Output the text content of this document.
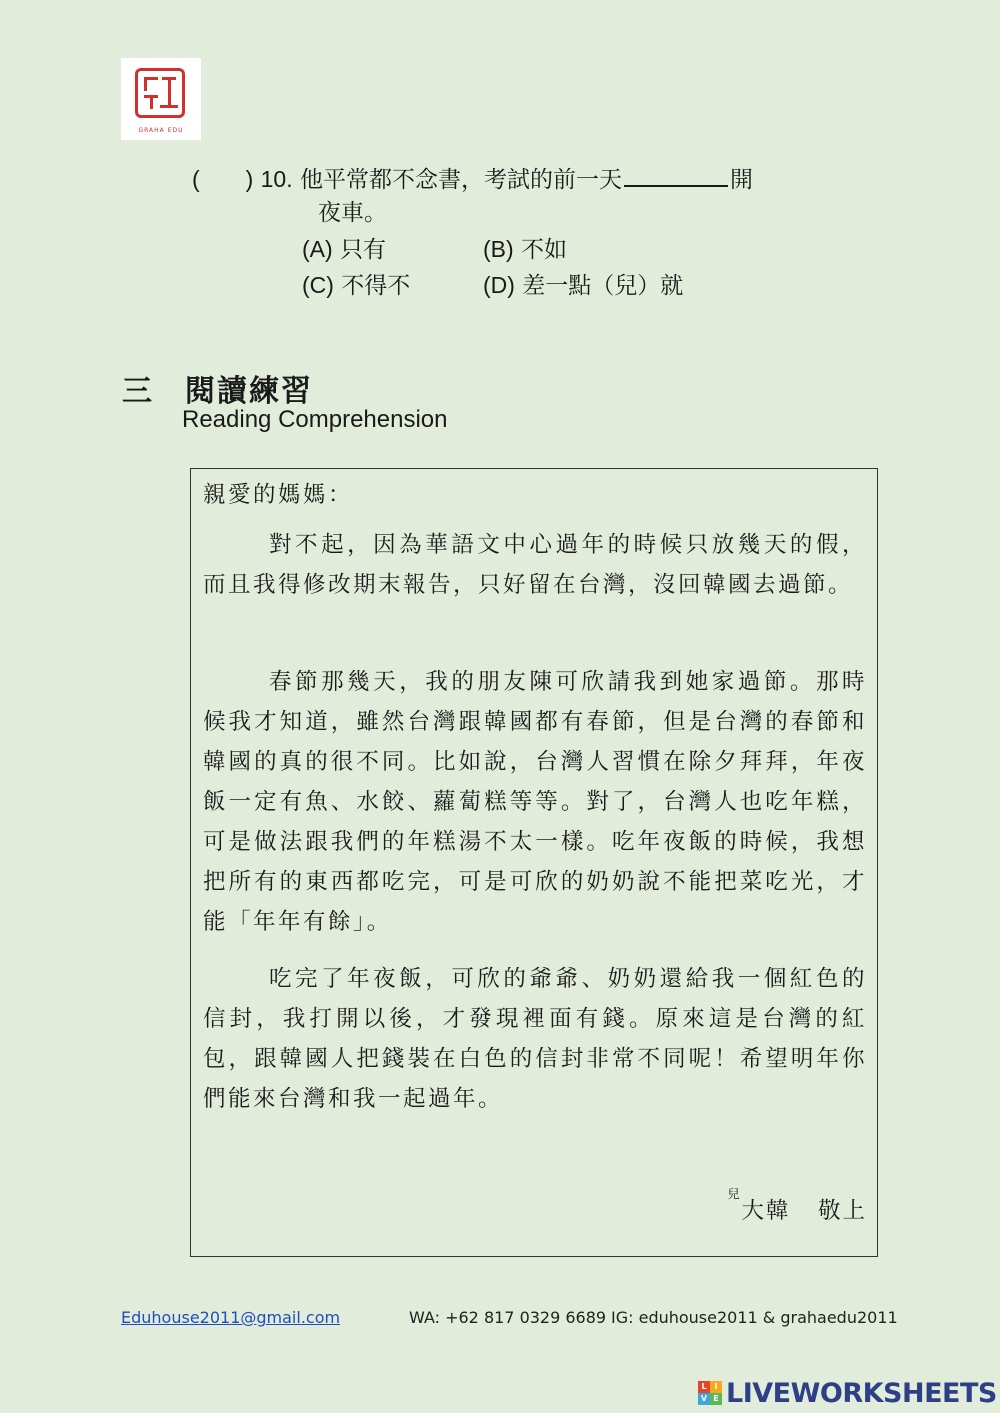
GRAHA EDU
(　　) 10. 他平常都不念書，考試的前一天	開
夜車。
(A) 只有	(B) 不如
(C) 不得不	(D) 差一點（兒）就
三 閱讀練習
Reading Comprehension
親愛的媽媽：
對不起，因為華語文中心過年的時候只放幾天的假，而且我得修改期末報告，只好留在台灣，沒回韓國去過節。
春節那幾天，我的朋友陳可欣請我到她家過節。那時候我才知道，雖然台灣跟韓國都有春節，但是台灣的春節和韓國的真的很不同。比如說，台灣人習慣在除夕拜拜，年夜飯一定有魚、水餃、蘿蔔糕等等。對了，台灣人也吃年糕，可是做法跟我們的年糕湯不太一樣。吃年夜飯的時候，我想把所有的東西都吃完，可是可欣的奶奶說不能把菜吃光，才能「年年有餘」。
吃完了年夜飯，可欣的爺爺、奶奶還給我一個紅色的信封，我打開以後，才發現裡面有錢。原來這是台灣的紅包，跟韓國人把錢裝在白色的信封非常不同呢！希望明年你們能來台灣和我一起過年。
$^兒$大韓 敬上
Eduhouse2011@gmail.com	WA: +62 817 0329 6689 IG: eduhouse2011 & grahaedu2011
L I
V E LIVEWORKSHEETS
